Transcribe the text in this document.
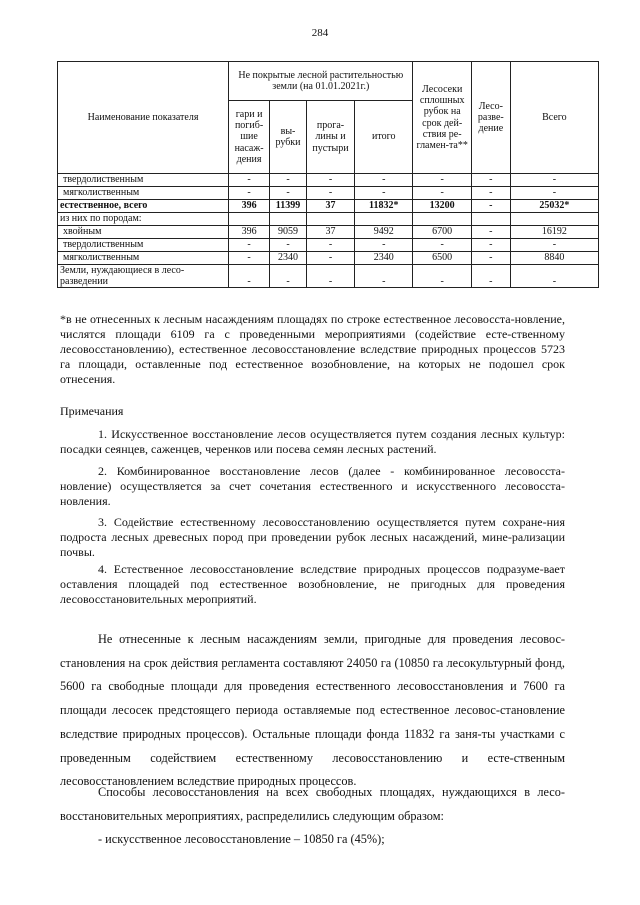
284
Наименование показателя	Не покрытые лесной растительностью земли (на 01.01.2021г.)				Лесосеки сплошных рубок на срок дей-ствия ре-гламен-та**	Лесо-разве-дение	Всего
	гари и погиб-шие насаж-дения	вы-рубки	прога-лины и пустыри	итого			
твердолиственным	-	-	-	-	-	-	-
мягколиственным	-	-	-	-	-	-	-
естественное, всего	396	11399	37	11832*	13200	-	25032*
из них по породам:							
хвойным	396	9059	37	9492	6700	-	16192
твердолиственным	-	-	-	-	-	-	-
мягколиственным	-	2340	-	2340	6500	-	8840
Земли, нуждающиеся в лесо-разведении	-	-	-	-	-	-	-
*в не отнесенных к лесным насаждениям площадях по строке естественное лесовосста-новление, числятся площади 6109 га с проведенными мероприятиями (содействие есте-ственному лесовосстановлению), естественное лесовосстановление вследствие природных процессов 5723 га площади, оставленные под естественное возобновление, на которых не подошел срок отнесения.
Примечания
1. Искусственное восстановление лесов осуществляется путем создания лесных культур: посадки сеянцев, саженцев, черенков или посева семян лесных растений.
2. Комбинированное восстановление лесов (далее - комбинированное лесовосста-новление) осуществляется за счет сочетания естественного и искусственного лесовосста-новления.
3. Содействие естественному лесовосстановлению осуществляется путем сохране-ния подроста лесных древесных пород при проведении рубок лесных насаждений, мине-рализации почвы.
4. Естественное лесовосстановление вследствие природных процессов подразуме-вает оставления площадей под естественное возобновление, не пригодных для проведения лесовосстановительных мероприятий.
Не отнесенные к лесным насаждениям земли, пригодные для проведения лесовос-становления на срок действия регламента составляют 24050 га (10850 га лесокультурный фонд, 5600 га свободные площади для проведения естественного лесовосстановления и 7600 га площади лесосек предстоящего периода оставляемые под естественное лесовос-становление вследствие природных процессов). Остальные площади фонда 11832 га заня-ты участками с проведенным содействием естественному лесовосстановлению и есте-ственным лесовосстановлением вследствие природных процессов.
Способы лесовосстановления на всех свободных площадях, нуждающихся в лесо-восстановительных мероприятиях, распределились следующим образом:
- искусственное лесовосстановление – 10850 га (45%);
